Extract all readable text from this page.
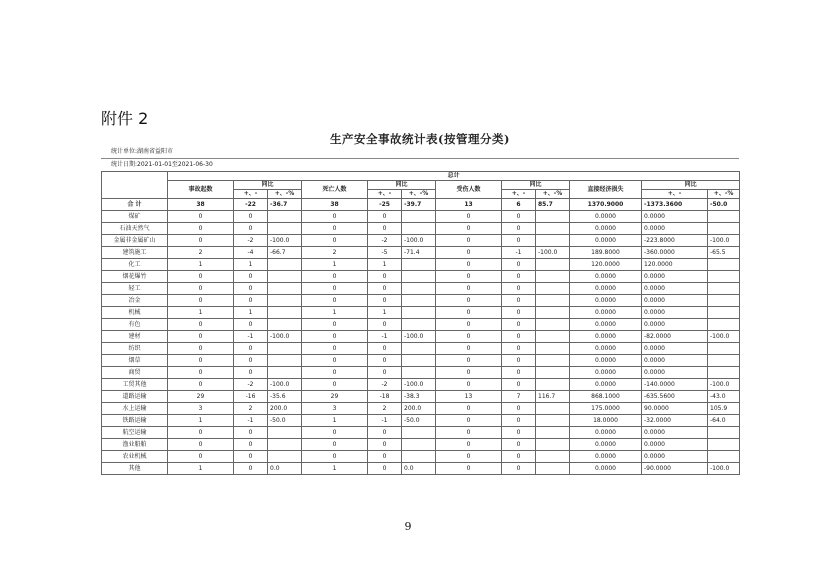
附件 2
生产安全事故统计表(按管理分类)
统计单位:湖南省益阳市
统计日期:2021-01-01至2021-06-30
	总计											
	事故起数	同比		死亡人数	同比		受伤人数	同比		直接经济损失	同比	
		+、-	+、-%		+、-	+、-%		+、-	+、-%		+、-	+、-%
合 计	38	-22	-36.7	38	-25	-39.7	13	6	85.7	1370.9000	-1373.3600	-50.0
煤矿	0	0		0	0		0	0		0.0000	0.0000	
石油天然气	0	0		0	0		0	0		0.0000	0.0000	
金属非金属矿山	0	-2	-100.0	0	-2	-100.0	0	0		0.0000	-223.8000	-100.0
建筑施工	2	-4	-66.7	2	-5	-71.4	0	-1	-100.0	189.8000	-360.0000	-65.5
化工	1	1		1	1		0	0		120.0000	120.0000	
烟花爆竹	0	0		0	0		0	0		0.0000	0.0000	
轻工	0	0		0	0		0	0		0.0000	0.0000	
冶金	0	0		0	0		0	0		0.0000	0.0000	
机械	1	1		1	1		0	0		0.0000	0.0000	
有色	0	0		0	0		0	0		0.0000	0.0000	
建材	0	-1	-100.0	0	-1	-100.0	0	0		0.0000	-82.0000	-100.0
纺织	0	0		0	0		0	0		0.0000	0.0000	
烟草	0	0		0	0		0	0		0.0000	0.0000	
商贸	0	0		0	0		0	0		0.0000	0.0000	
工贸其他	0	-2	-100.0	0	-2	-100.0	0	0		0.0000	-140.0000	-100.0
道路运输	29	-16	-35.6	29	-18	-38.3	13	7	116.7	868.1000	-635.5600	-43.0
水上运输	3	2	200.0	3	2	200.0	0	0		175.0000	90.0000	105.9
铁路运输	1	-1	-50.0	1	-1	-50.0	0	0		18.0000	-32.0000	-64.0
航空运输	0	0		0	0		0	0		0.0000	0.0000	
渔业船舶	0	0		0	0		0	0		0.0000	0.0000	
农业机械	0	0		0	0		0	0		0.0000	0.0000	
其他	1	0	0.0	1	0	0.0	0	0		0.0000	-90.0000	-100.0
9
